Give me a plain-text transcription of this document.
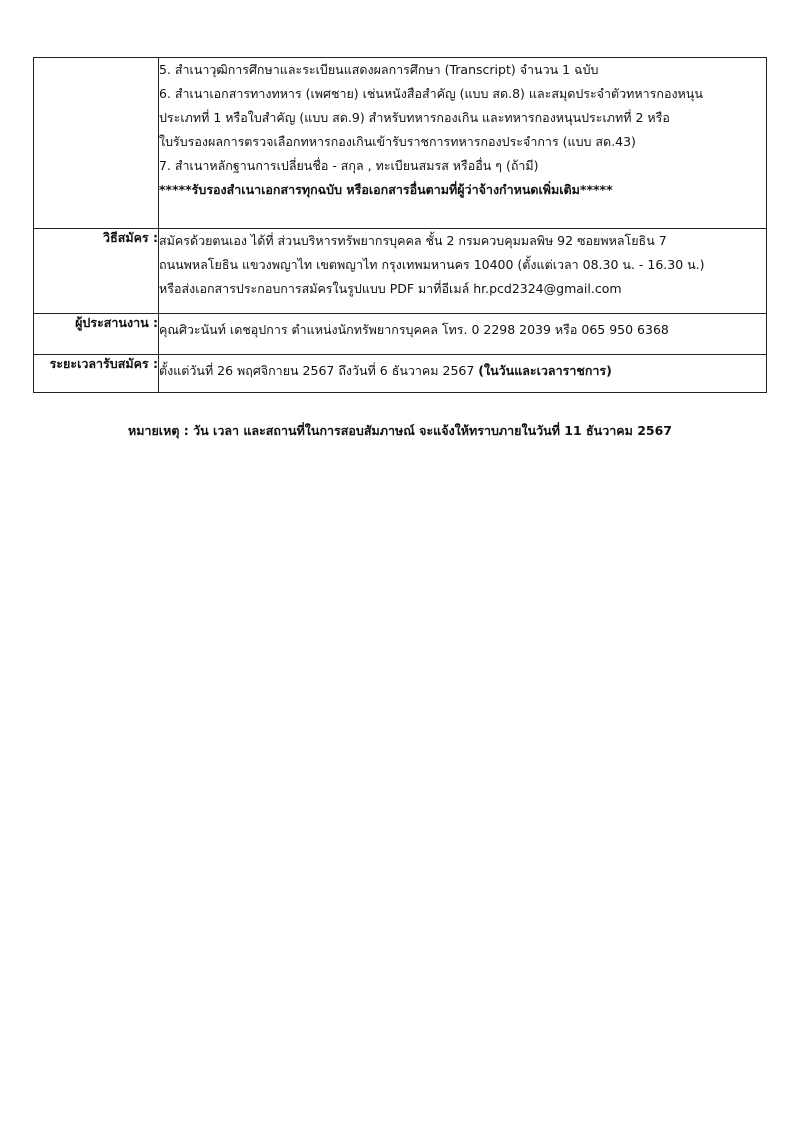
5. สำเนาวุฒิการศึกษาและระเบียนแสดงผลการศึกษา (Transcript) จำนวน 1 ฉบับ
6. สำเนาเอกสารทางทหาร (เพศชาย) เช่นหนังสือสำคัญ (แบบ สด.8) และสมุดประจำตัวทหารกองหนุน
ประเภทที่ 1 หรือใบสำคัญ (แบบ สด.9) สำหรับทหารกองเกิน และทหารกองหนุนประเภทที่ 2 หรือ
ใบรับรองผลการตรวจเลือกทหารกองเกินเข้ารับราชการทหารกองประจำการ (แบบ สด.43)
7. สำเนาหลักฐานการเปลี่ยนชื่อ - สกุล , ทะเบียนสมรส หรืออื่น ๆ (ถ้ามี)
*****รับรองสำเนาเอกสารทุกฉบับ หรือเอกสารอื่นตามที่ผู้ว่าจ้างกำหนดเพิ่มเติม*****

วิธีสมัคร :	สมัครด้วยตนเอง ได้ที่ ส่วนบริหารทรัพยากรบุคคล ชั้น 2 กรมควบคุมมลพิษ 92 ซอยพหลโยธิน 7
ถนนพหลโยธิน แขวงพญาไท เขตพญาไท กรุงเทพมหานคร 10400 (ตั้งแต่เวลา 08.30 น. - 16.30 น.)
หรือส่งเอกสารประกอบการสมัครในรูปแบบ PDF มาที่อีเมล์ hr.pcd2324@gmail.com

ผู้ประสานงาน :	คุณศิวะนันท์ เดชอุปการ ตำแหน่งนักทรัพยากรบุคคล โทร. 0 2298 2039 หรือ 065 950 6368

ระยะเวลารับสมัคร :	ตั้งแต่วันที่ 26 พฤศจิกายน 2567 ถึงวันที่ 6 ธันวาคม 2567 (ในวันและเวลาราชการ)
หมายเหตุ : วัน เวลา และสถานที่ในการสอบสัมภาษณ์ จะแจ้งให้ทราบภายในวันที่ 11 ธันวาคม 2567
